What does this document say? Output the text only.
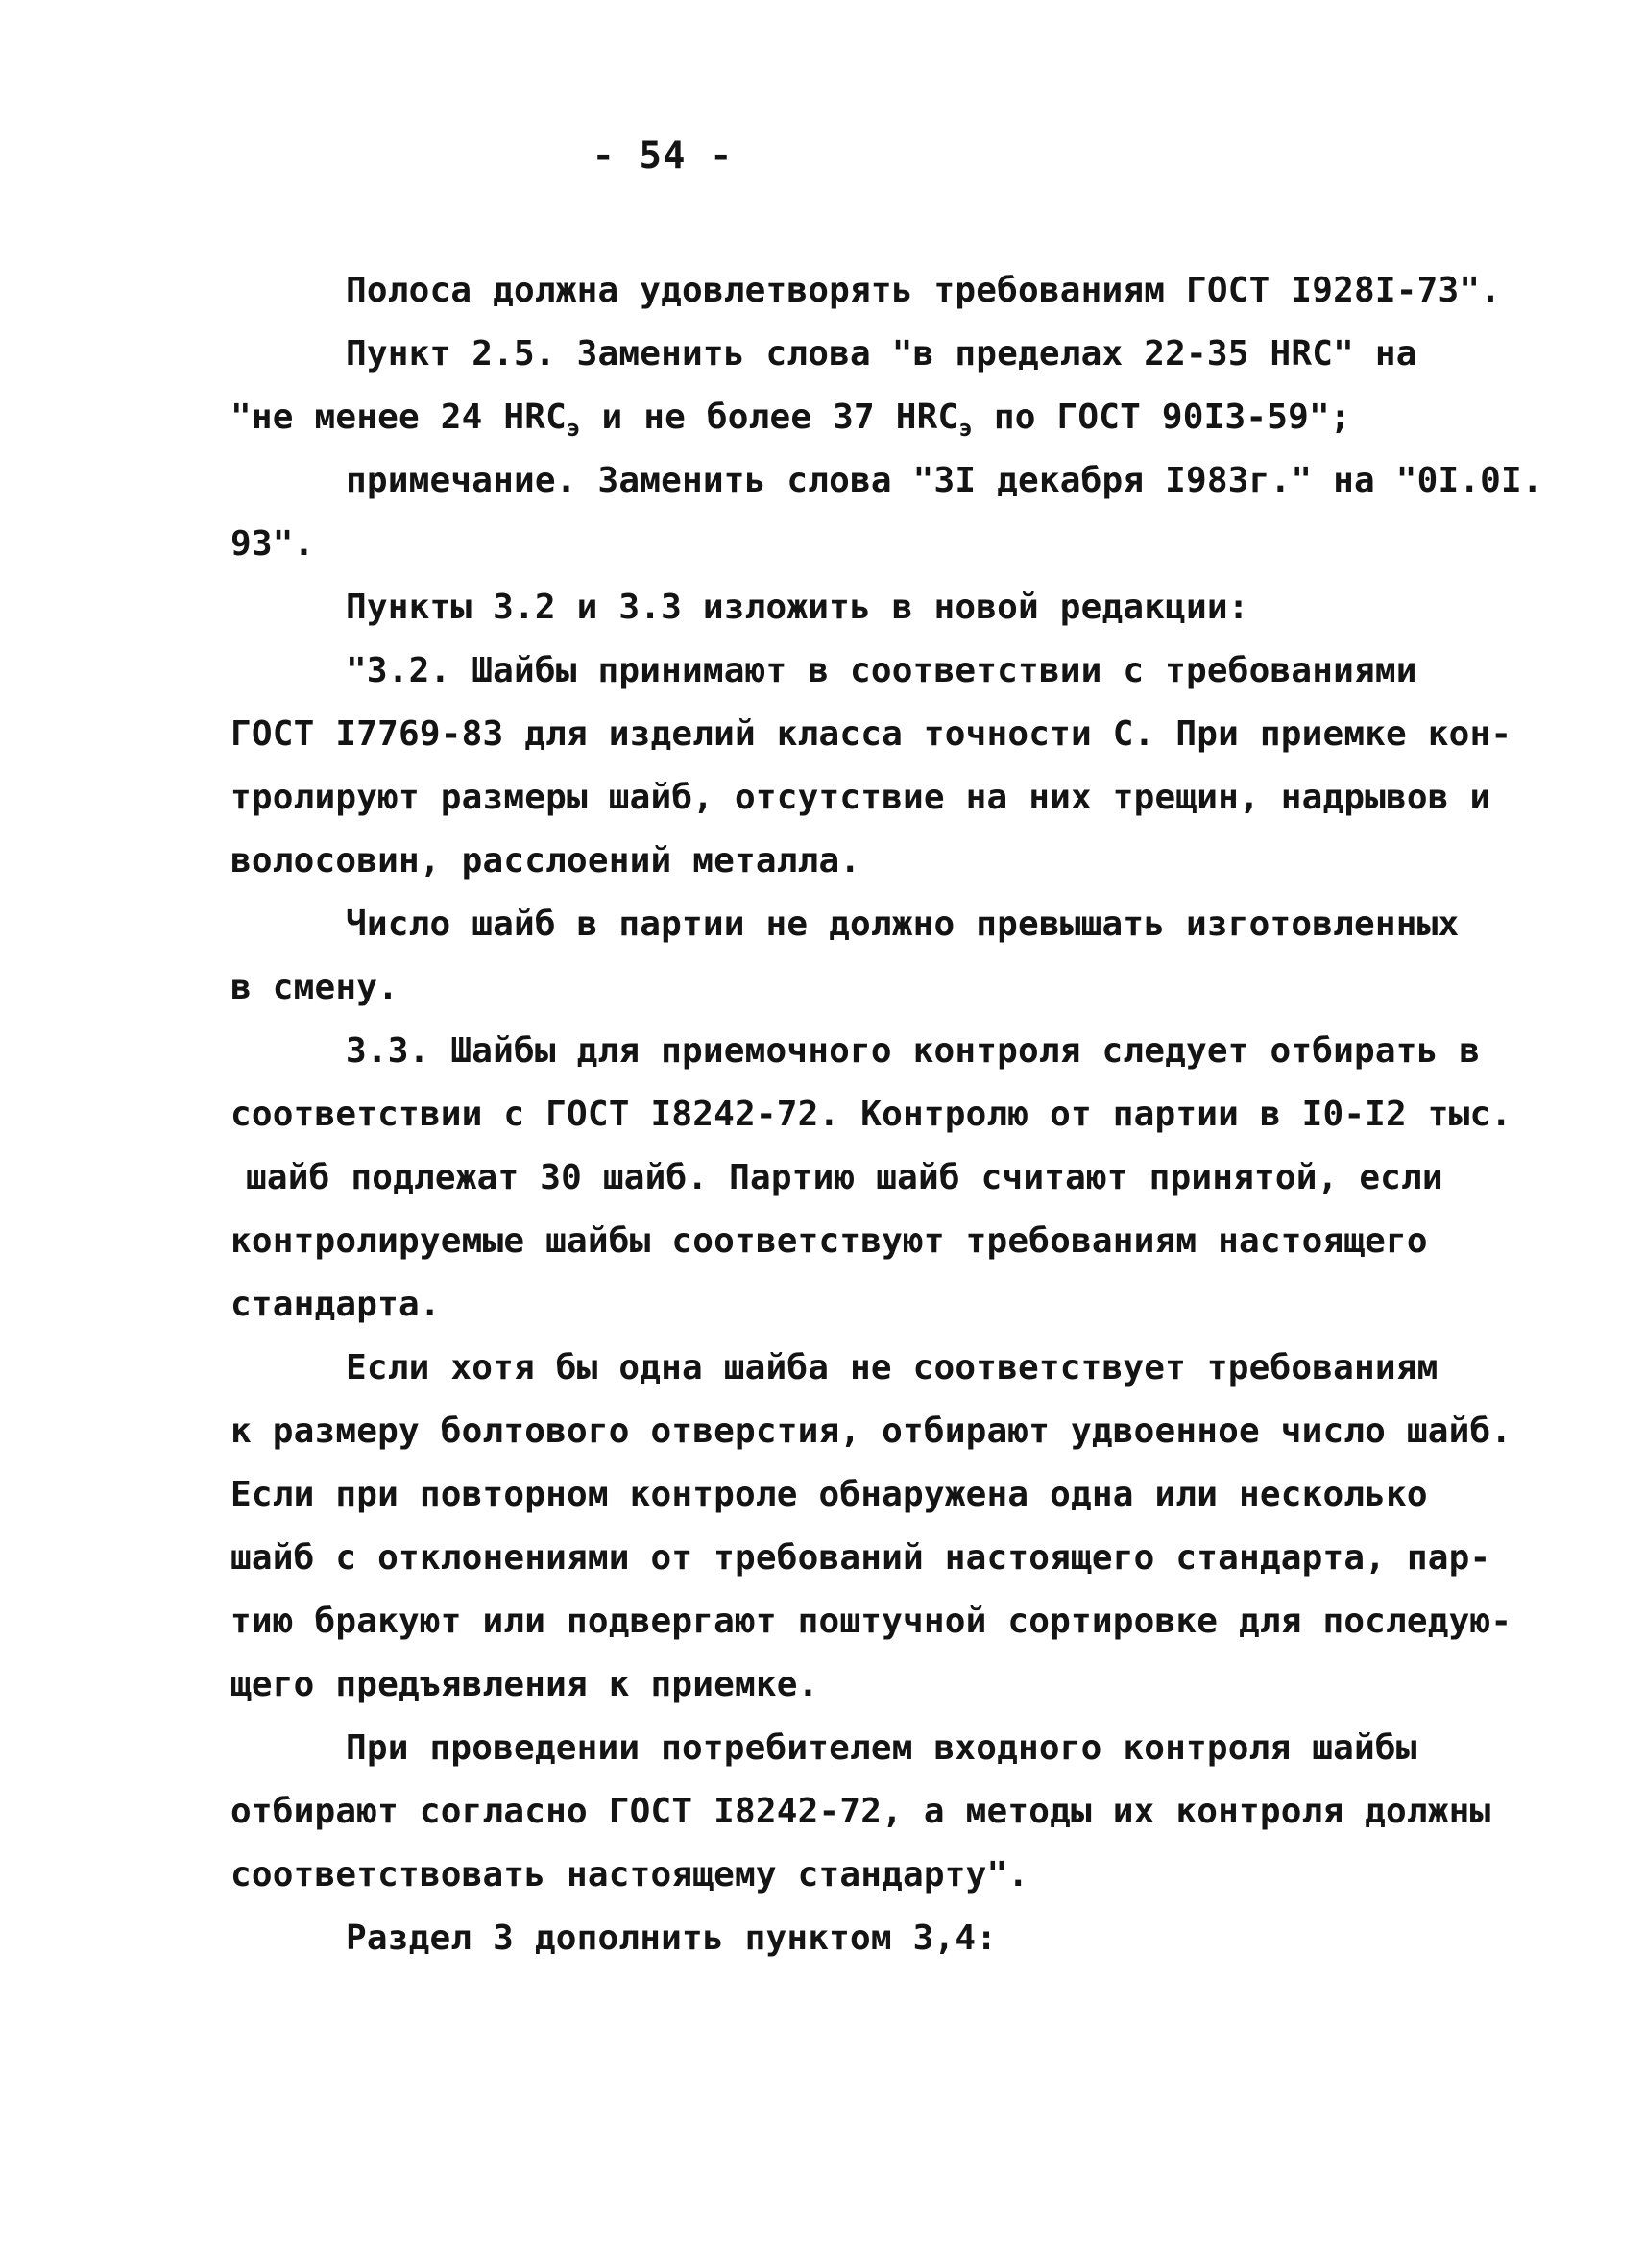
- 54 -
Полоса должна удовлетворять требованиям ГОСТ I928I-73".
Пункт 2.5. Заменить слова "в пределах 22-35 HRC" на
"не менее 24 $HRC_э$ и не более 37 $HRC_э$ по ГОСТ 90I3-59";
примечание. Заменить слова "3I декабря I983г." на "0I.0I.
93".
Пункты 3.2 и 3.3 изложить в новой редакции:
"3.2. Шайбы принимают в соответствии с требованиями
ГОСТ I7769-83 для изделий класса точности С. При приемке кон-
тролируют размеры шайб, отсутствие на них трещин, надрывов и
волосовин, расслоений металла.
Число шайб в партии не должно превышать изготовленных
в смену.
3.3. Шайбы для приемочного контроля следует отбирать в
соответствии с ГОСТ I8242-72. Контролю от партии в I0-I2 тыс.
шайб подлежат 30 шайб. Партию шайб считают принятой, если
контролируемые шайбы соответствуют требованиям настоящего
стандарта.
Если хотя бы одна шайба не соответствует требованиям
к размеру болтового отверстия, отбирают удвоенное число шайб.
Если при повторном контроле обнаружена одна или несколько
шайб с отклонениями от требований настоящего стандарта, пар-
тию бракуют или подвергают поштучной сортировке для последую-
щего предъявления к приемке.
При проведении потребителем входного контроля шайбы
отбирают согласно ГОСТ I8242-72, а методы их контроля должны
соответствовать настоящему стандарту".
Раздел 3 дополнить пунктом 3,4:
